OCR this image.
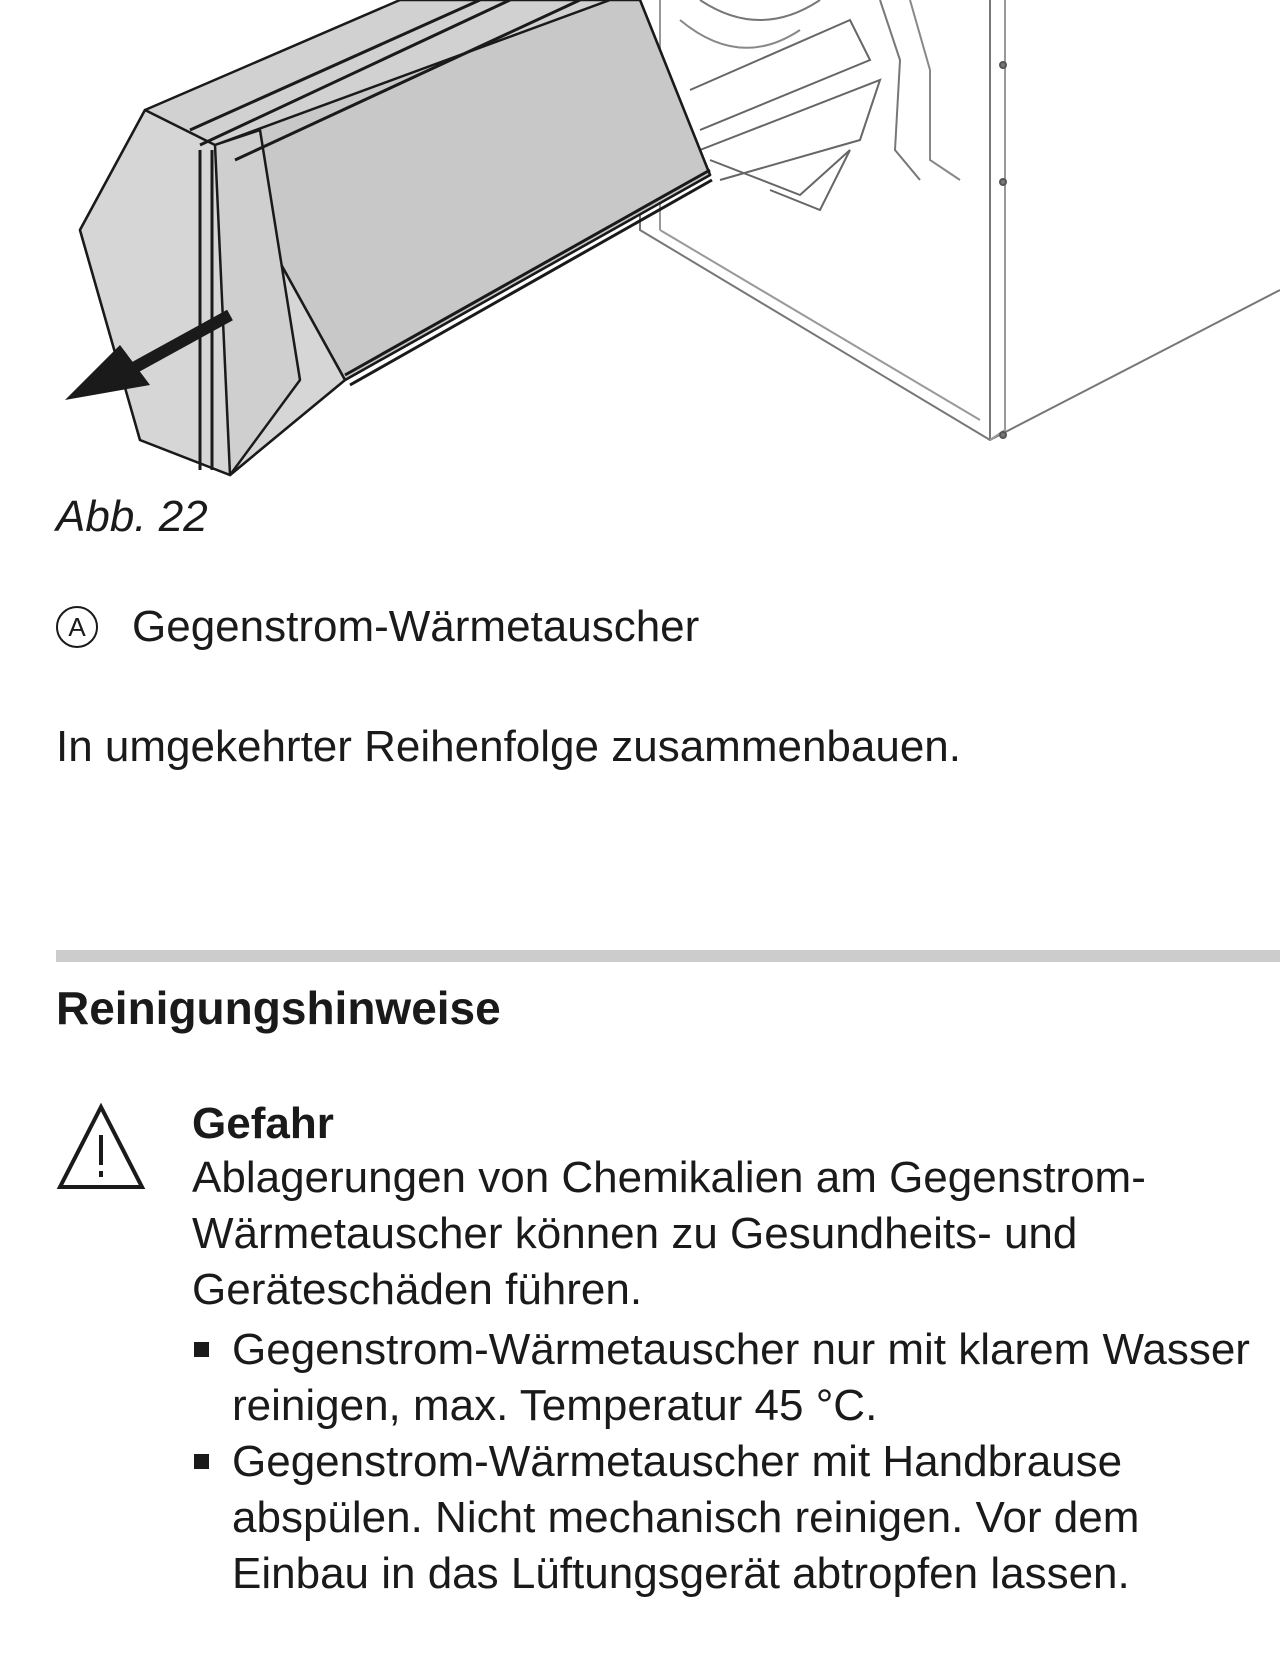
Abb. 22
A Gegenstrom-Wärmetauscher
In umgekehrter Reihenfolge zusammenbauen.
Reinigungshinweise

Gefahr

Ablagerungen von Chemikalien am Gegenstrom-Wärmetauscher können zu Gesundheits- und Geräteschäden führen.

Gegenstrom-Wärmetauscher nur mit klarem Wasser reinigen, max. Temperatur 45 °C.
Gegenstrom-Wärmetauscher mit Handbrause abspülen. Nicht mechanisch reinigen. Vor dem Einbau in das Lüftungsgerät abtropfen lassen.
